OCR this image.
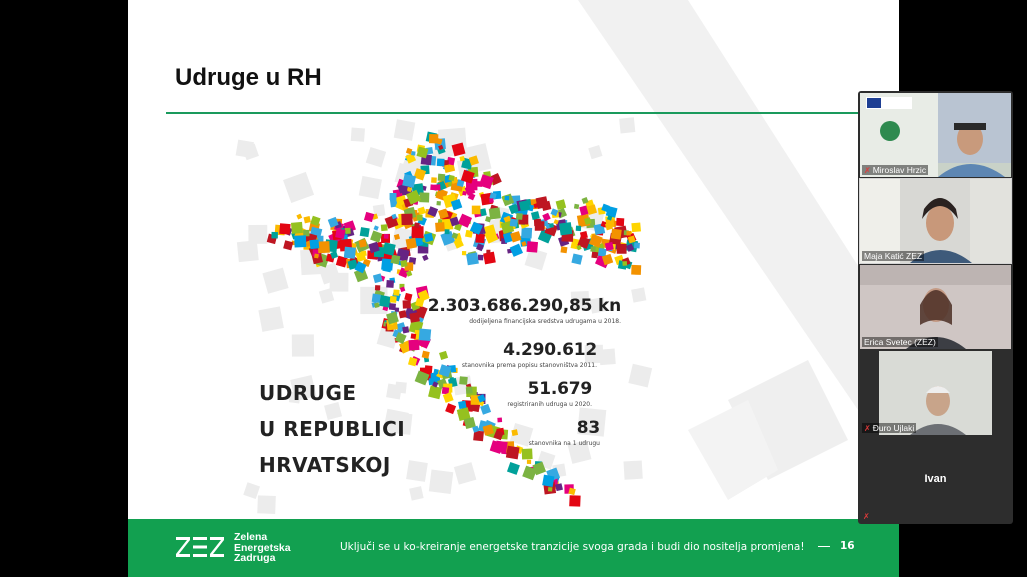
Udruge u RH
UDRUGE
U REPUBLICI
HRVATSKOJ
2.303.686.290,85 kn
dodijeljena financijska sredstva udrugama u 2018.
4.290.612
stanovnika prema popisu stanovništva 2011.
51.679
registriranih udruga u 2020.
83
stanovnika na 1 udrugu
Zelena
Energetska
Zadruga
Uključi se u ko-kreiranje energetske tranzicije svoga grada i budi dio nositelja promjena!	16
✗ Miroslav Hrzic
Maja Katić ZEZ
Erica Svetec (ZEZ)
✗ Đuro Ujlaki
Ivan
✗
